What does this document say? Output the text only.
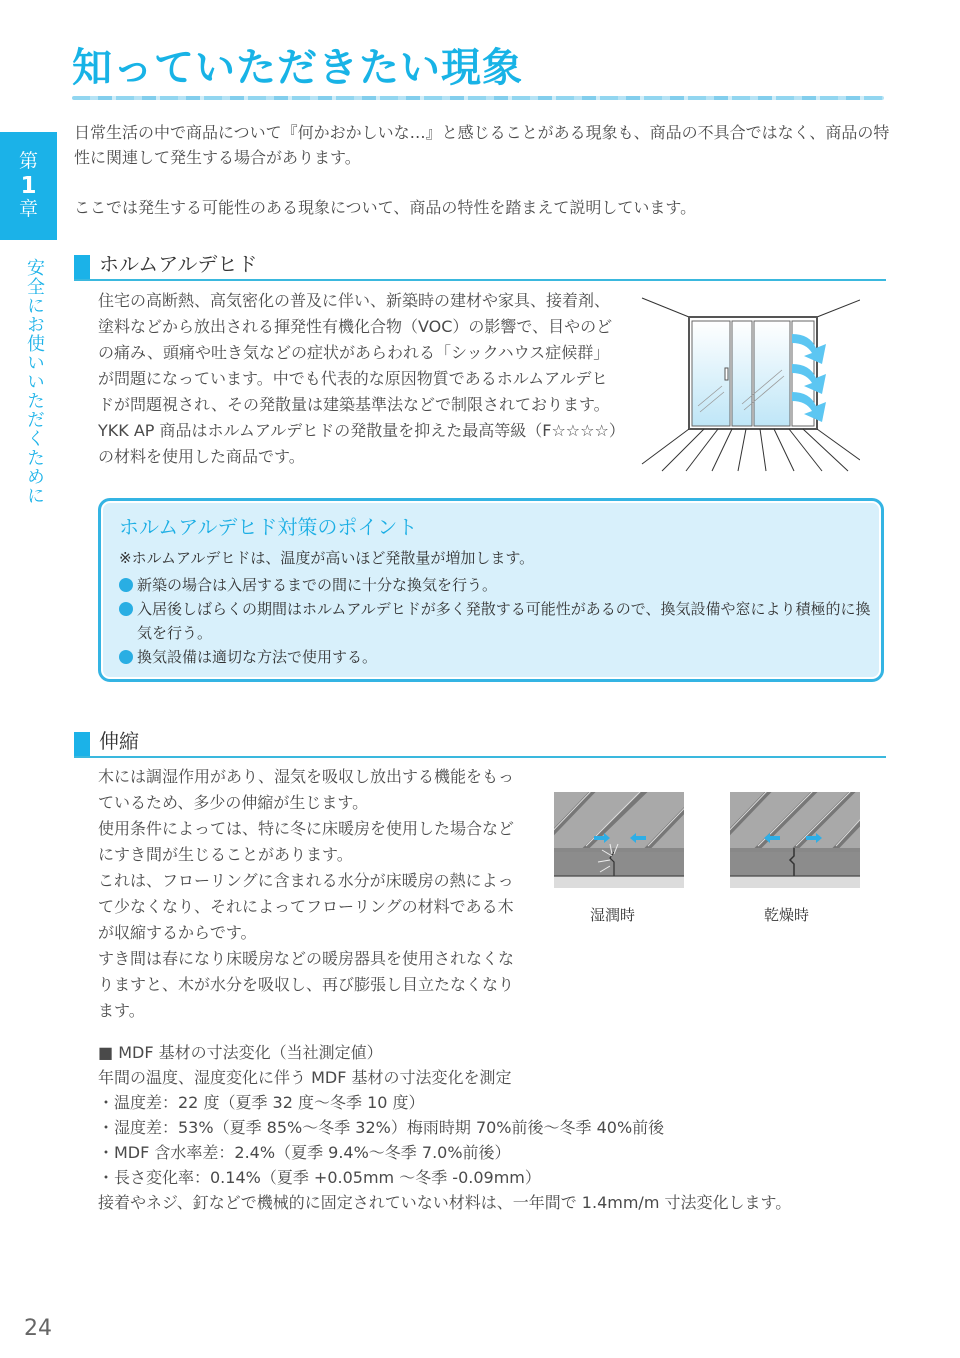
知っていただきたい現象
第
1
章
安全にお使いいただくために

日常生活の中で商品について『何かおかしいな…』と感じることがある現象も、商品の不具合ではなく、商品の特性に関連して発生する場合があります。

ここでは発生する可能性のある現象について、商品の特性を踏まえて説明しています。

ホルムアルデヒド

住宅の高断熱、高気密化の普及に伴い、新築時の建材や家具、接着剤、塗料などから放出される揮発性有機化合物（VOC）の影響で、目やのどの痛み、頭痛や吐き気などの症状があらわれる「シックハウス症候群」が問題になっています。中でも代表的な原因物質であるホルムアルデヒドが問題視され、その発散量は建築基準法などで制限されております。

YKK AP 商品はホルムアルデヒドの発散量を抑えた最高等級（F☆☆☆☆）の材料を使用した商品です。

ホルムアルデヒド対策のポイント
※ホルムアルデヒドは、温度が高いほど発散量が増加します。
新築の場合は入居するまでの間に十分な換気を行う。
入居後しばらくの期間はホルムアルデヒドが多く発散する可能性があるので、換気設備や窓により積極的に換気を行う。
換気設備は適切な方法で使用する。
伸縮

木には調湿作用があり、湿気を吸収し放出する機能をもっているため、多少の伸縮が生じます。

使用条件によっては、特に冬に床暖房を使用した場合などにすき間が生じることがあります。

これは、フローリングに含まれる水分が床暖房の熱によって少なくなり、それによってフローリングの材料である木が収縮するからです。

すき間は春になり床暖房などの暖房器具を使用されなくなりますと、木が水分を吸収し、再び膨張し目立たなくなります。

湿潤時	乾燥時
■ MDF 基材の寸法変化（当社測定値）
年間の温度、湿度変化に伴う MDF 基材の寸法変化を測定
・温度差：22 度（夏季 32 度〜冬季 10 度）
・湿度差：53%（夏季 85%〜冬季 32%）梅雨時期 70%前後〜冬季 40%前後
・MDF 含水率差：2.4%（夏季 9.4%〜冬季 7.0%前後）
・長さ変化率：0.14%（夏季 +0.05mm 〜冬季 -0.09mm）
接着やネジ、釘などで機械的に固定されていない材料は、一年間で 1.4mm/m 寸法変化します。
24
